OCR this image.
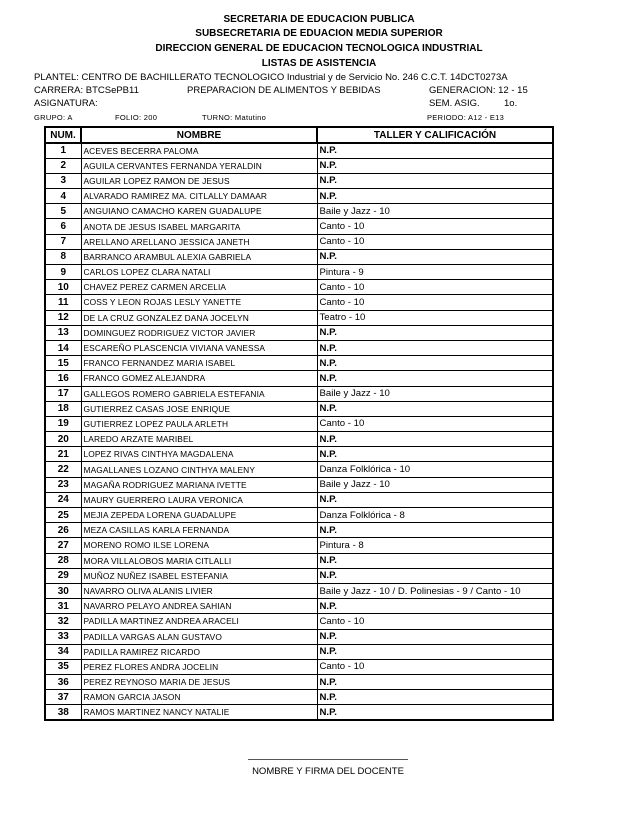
SECRETARIA DE EDUCACION PUBLICA
SUBSECRETARIA DE EDUACION MEDIA SUPERIOR
DIRECCION GENERAL DE EDUCACION TECNOLOGICA INDUSTRIAL
LISTAS DE ASISTENCIA
PLANTEL: CENTRO DE BACHILLERATO TECNOLOGICO Industrial y de Servicio No. 246 C.C.T. 14DCT0273A
CARRERA: BTCSePB11	PREPARACION DE ALIMENTOS Y BEBIDAS	GENERACION: 12 - 15
ASIGNATURA:	SEM. ASIG.	1o.
GRUPO: A	FOLIO: 200	TURNO: Matutino	PERIODO: A12 - E13
NUM.	NOMBRE	TALLER Y CALIFICACIÓN
1	ACEVES BECERRA PALOMA	N.P.
2	AGUILA CERVANTES FERNANDA YERALDIN	N.P.
3	AGUILAR LOPEZ RAMON DE JESUS	N.P.
4	ALVARADO RAMIREZ MA. CITLALLY DAMAAR	N.P.
5	ANGUIANO CAMACHO KAREN GUADALUPE	Baile y Jazz - 10
6	ANOTA DE JESUS ISABEL MARGARITA	Canto - 10
7	ARELLANO ARELLANO JESSICA JANETH	Canto - 10
8	BARRANCO ARAMBUL ALEXIA GABRIELA	N.P.
9	CARLOS LOPEZ CLARA NATALI	Pintura - 9
10	CHAVEZ PEREZ CARMEN ARCELIA	Canto - 10
11	COSS Y LEON ROJAS LESLY YANETTE	Canto - 10
12	DE LA CRUZ GONZALEZ DANA JOCELYN	Teatro - 10
13	DOMINGUEZ RODRIGUEZ VICTOR JAVIER	N.P.
14	ESCAREÑO PLASCENCIA VIVIANA VANESSA	N.P.
15	FRANCO FERNANDEZ MARIA ISABEL	N.P.
16	FRANCO GOMEZ ALEJANDRA	N.P.
17	GALLEGOS ROMERO GABRIELA ESTEFANIA	Baile y Jazz - 10
18	GUTIERREZ CASAS JOSE ENRIQUE	N.P.
19	GUTIERREZ LOPEZ PAULA ARLETH	Canto - 10
20	LAREDO ARZATE MARIBEL	N.P.
21	LOPEZ RIVAS CINTHYA MAGDALENA	N.P.
22	MAGALLANES LOZANO CINTHYA MALENY	Danza Folklórica - 10
23	MAGAÑA RODRIGUEZ MARIANA IVETTE	Baile y Jazz - 10
24	MAURY GUERRERO LAURA VERONICA	N.P.
25	MEJIA ZEPEDA LORENA GUADALUPE	Danza Folklórica - 8
26	MEZA CASILLAS KARLA FERNANDA	N.P.
27	MORENO ROMO ILSE LORENA	Pintura - 8
28	MORA VILLALOBOS MARIA CITLALLI	N.P.
29	MUÑOZ NUÑEZ ISABEL ESTEFANIA	N.P.
30	NAVARRO OLIVA ALANIS LIVIER	Baile y Jazz - 10 / D. Polinesias - 9 / Canto - 10
31	NAVARRO PELAYO ANDREA SAHIAN	N.P.
32	PADILLA MARTINEZ ANDREA ARACELI	Canto - 10
33	PADILLA VARGAS ALAN GUSTAVO	N.P.
34	PADILLA RAMIREZ RICARDO	N.P.
35	PEREZ FLORES ANDRA JOCELIN	Canto - 10
36	PEREZ REYNOSO MARIA DE JESUS	N.P.
37	RAMON GARCIA JASON	N.P.
38	RAMOS MARTINEZ NANCY NATALIE	N.P.
NOMBRE Y FIRMA DEL DOCENTE
